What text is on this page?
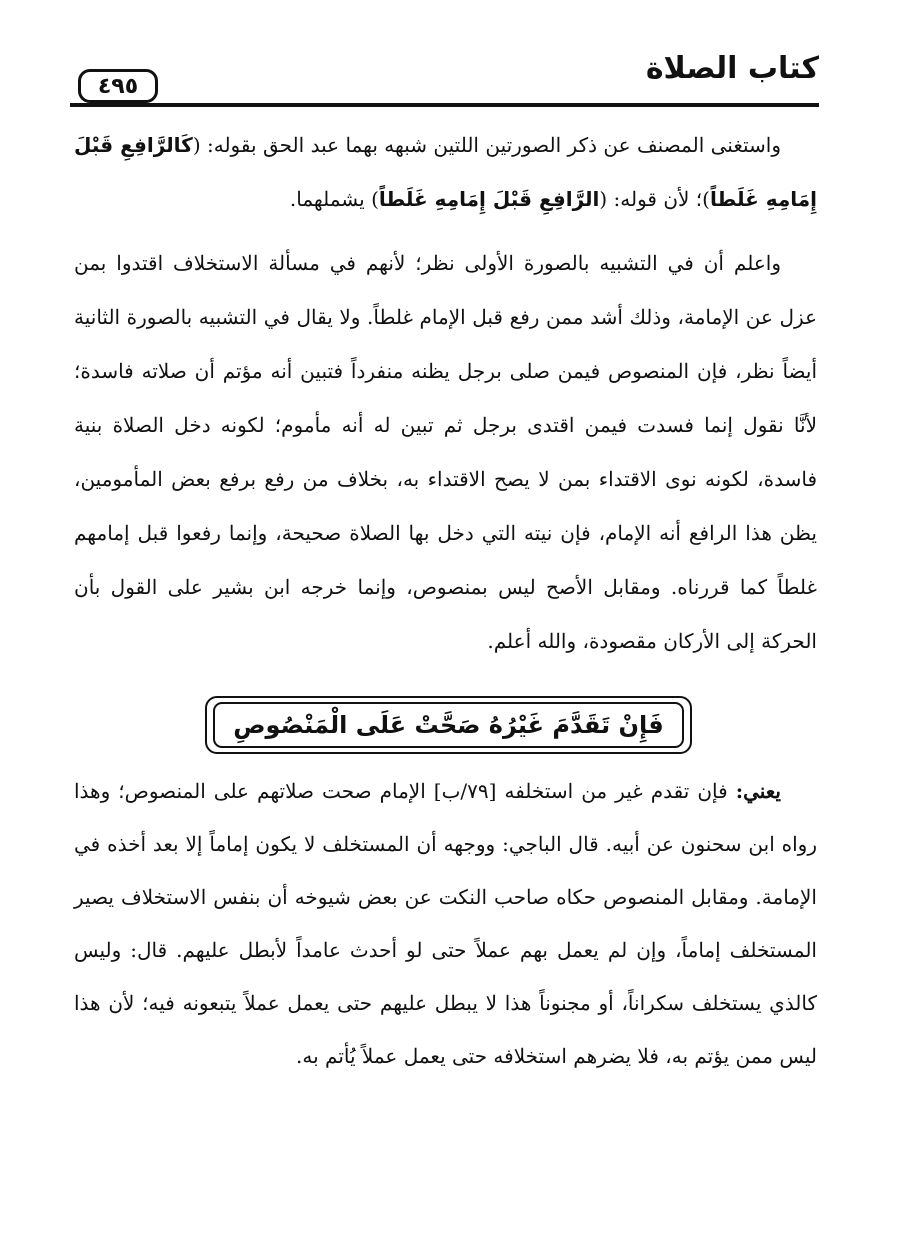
كتاب الصلاة
٤٩٥

واستغنى المصنف عن ذكر الصورتين اللتين شبهه بهما عبد الحق بقوله: (كَالرَّافِعِ قَبْلَ إِمَامِهِ غَلَطاً)؛ لأن قوله: (الرَّافِعِ قَبْلَ إِمَامِهِ غَلَطاً) يشملهما.

واعلم أن في التشبيه بالصورة الأولى نظر؛ لأنهم في مسألة الاستخلاف اقتدوا بمن عزل عن الإمامة، وذلك أشد ممن رفع قبل الإمام غلطاً. ولا يقال في التشبيه بالصورة الثانية أيضاً نظر، فإن المنصوص فيمن صلى برجل يظنه منفرداً فتبين أنه مؤتم أن صلاته فاسدة؛ لأنَّا نقول إنما فسدت فيمن اقتدى برجل ثم تبين له أنه مأموم؛ لكونه دخل الصلاة بنية فاسدة، لكونه نوى الاقتداء بمن لا يصح الاقتداء به، بخلاف من رفع برفع بعض المأمومين، يظن هذا الرافع أنه الإمام، فإن نيته التي دخل بها الصلاة صحيحة، وإنما رفعوا قبل إمامهم غلطاً كما قررناه. ومقابل الأصح ليس بمنصوص، وإنما خرجه ابن بشير على القول بأن الحركة إلى الأركان مقصودة، والله أعلم.

فَإِنْ تَقَدَّمَ غَيْرُهُ صَحَّتْ عَلَى الْمَنْصُوصِ

يعني: فإن تقدم غير من استخلفه [٧٩/ب] الإمام صحت صلاتهم على المنصوص؛ وهذا رواه ابن سحنون عن أبيه. قال الباجي: ووجهه أن المستخلف لا يكون إماماً إلا بعد أخذه في الإمامة. ومقابل المنصوص حكاه صاحب النكت عن بعض شيوخه أن بنفس الاستخلاف يصير المستخلف إماماً، وإن لم يعمل بهم عملاً حتى لو أحدث عامداً لأبطل عليهم. قال: وليس كالذي يستخلف سكراناً، أو مجنوناً هذا لا يبطل عليهم حتى يعمل عملاً يتبعونه فيه؛ لأن هذا ليس ممن يؤتم به، فلا يضرهم استخلافه حتى يعمل عملاً يُأتم به.
